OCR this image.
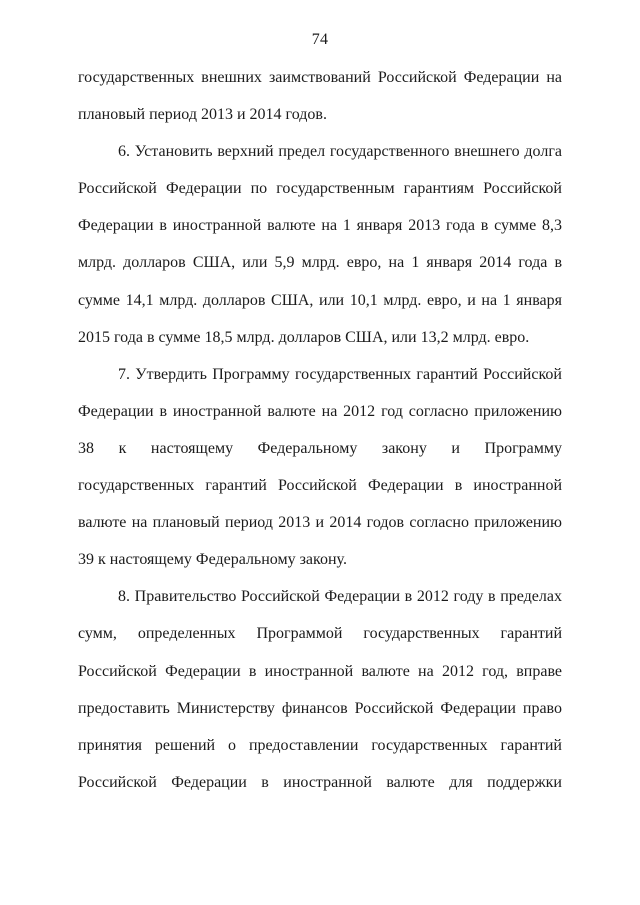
74
государственных внешних заимствований Российской Федерации на
плановый период 2013 и 2014 годов.
6. Установить верхний предел государственного внешнего долга
Российской Федерации по государственным гарантиям Российской
Федерации в иностранной валюте на 1 января 2013 года в сумме 8,3
млрд. долларов США, или 5,9 млрд. евро, на 1 января 2014 года в
сумме 14,1 млрд. долларов США, или 10,1 млрд. евро, и на 1 января
2015 года в сумме 18,5 млрд. долларов США, или 13,2 млрд. евро.
7. Утвердить Программу государственных гарантий Российской
Федерации в иностранной валюте на 2012 год согласно приложению
38 к настоящему Федеральному закону и Программу
государственных гарантий Российской Федерации в иностранной
валюте на плановый период 2013 и 2014 годов согласно приложению
39 к настоящему Федеральному закону.
8. Правительство Российской Федерации в 2012 году в пределах
сумм, определенных Программой государственных гарантий
Российской Федерации в иностранной валюте на 2012 год, вправе
предоставить Министерству финансов Российской Федерации право
принятия решений о предоставлении государственных гарантий
Российской Федерации в иностранной валюте для поддержки
